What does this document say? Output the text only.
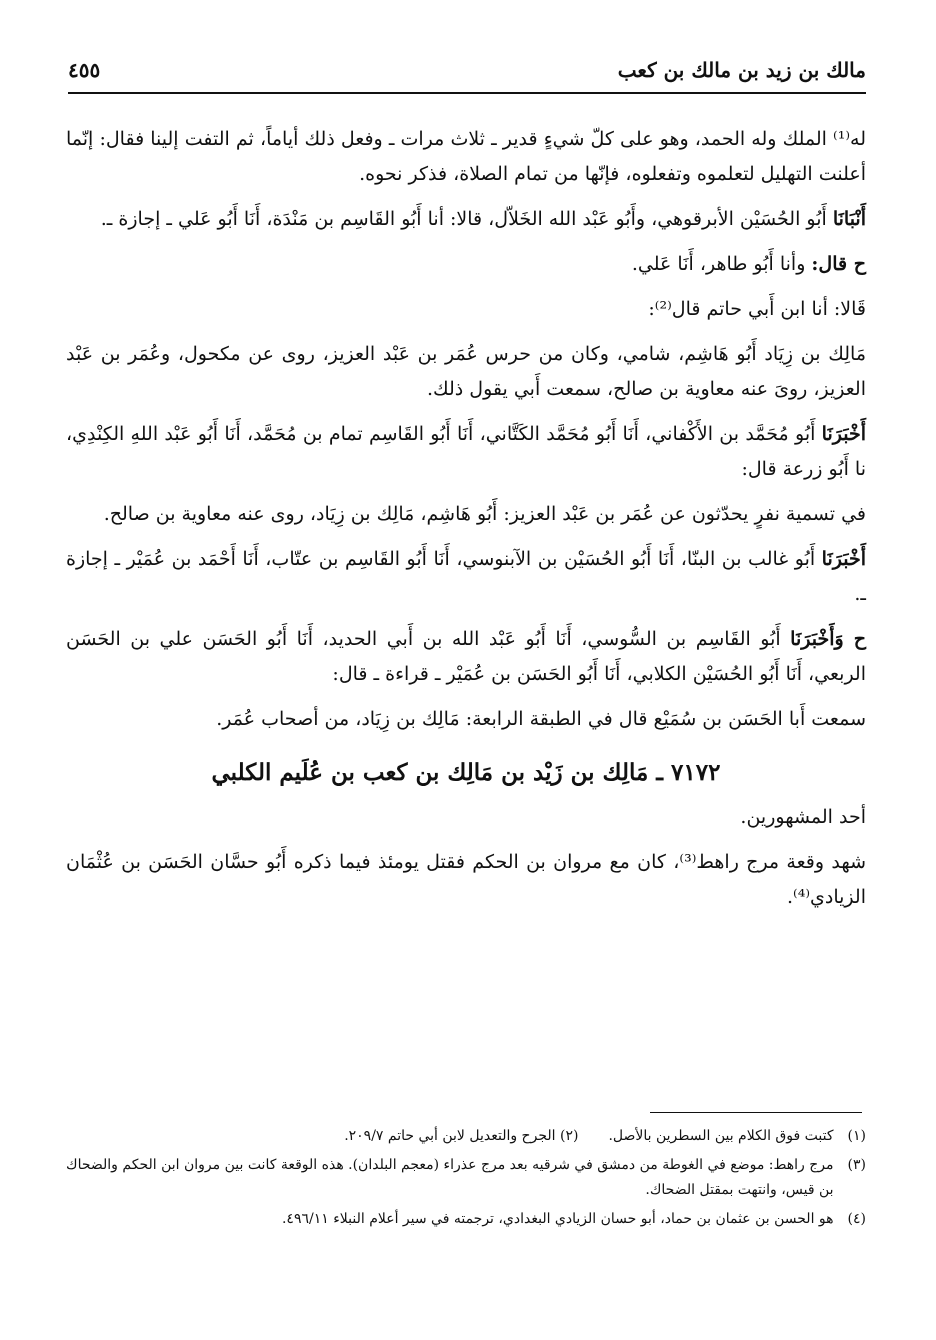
مالك بن زيد بن مالك بن كعب
٤٥٥

له⁽¹⁾ الملك وله الحمد، وهو على كلّ شيءٍ قدير ـ ثلاث مرات ـ وفعل ذلك أياماً، ثم التفت إلينا فقال: إنّما أعلنت التهليل لتعلموه وتفعلوه، فإنّها من تمام الصلاة، فذكر نحوه.

أَنْبَانَا أَبُو الحُسَيْن الأبرقوهي، وأَبُو عَبْد الله الخَلاّل، قالا: أنا أَبُو القَاسِم بن مَنْدَة، أَنَا أَبُو عَلي ـ إجازة ـ.

ح قال: وأنا أَبُو طاهر، أَنَا عَلي.

قَالا: أنا ابن أَبي حاتم قال⁽²⁾:

مَالِك بن زِيَاد أَبُو هَاشِم، شامي، وكان من حرس عُمَر بن عَبْد العزيز، روى عن مكحول، وعُمَر بن عَبْد العزيز، روىَ عنه معاوية بن صالح، سمعت أَبي يقول ذلك.

أَخْبَرَنَا أَبُو مُحَمَّد بن الأَكْفاني، أَنَا أَبُو مُحَمَّد الكَتَّاني، أَنَا أَبُو القَاسِم تمام بن مُحَمَّد، أَنَا أَبُو عَبْد اللهِ الكِنْدِي، نا أَبُو زرعة قال:

في تسمية نفرٍ يحدّثون عن عُمَر بن عَبْد العزيز: أَبُو هَاشِم، مَالِك بن زِيَاد، روى عنه معاوية بن صالح.

أَخْبَرَنَا أَبُو غالب بن البنّا، أَنَا أَبُو الحُسَيْن بن الآبنوسي، أَنَا أَبُو القَاسِم بن عتّاب، أَنَا أَحْمَد بن عُمَيْر ـ إجازة ـ.

ح وَأَخْبَرَنَا أَبُو القَاسِم بن السُّوسي، أَنَا أَبُو عَبْد الله بن أَبي الحديد، أَنَا أَبُو الحَسَن علي بن الحَسَن الربعي، أَنَا أَبُو الحُسَيْن الكلابي، أَنَا أَبُو الحَسَن بن عُمَيْر ـ قراءة ـ قال:

سمعت أَبا الحَسَن بن سُمَيْع قال في الطبقة الرابعة: مَالِك بن زِيَاد، من أصحاب عُمَر.

٧١٧٢ ـ مَالِك بن زَيْد بن مَالِك بن كعب بن عُلَيم الكلبي

أحد المشهورين.

شهد وقعة مرج راهط⁽³⁾، كان مع مروان بن الحكم فقتل يومئذ فيما ذكره أَبُو حسَّان الحَسَن بن عُثْمَان الزيادي⁽⁴⁾.

(١)
كتبت فوق الكلام بين السطرين بالأصل.(٢) الجرح والتعديل لابن أبي حاتم ٢٠٩/٧.
(٣)
مرج راهط: موضع في الغوطة من دمشق في شرقيه بعد مرج عذراء (معجم البلدان). هذه الوقعة كانت بين مروان ابن الحكم والضحاك بن قيس، وانتهت بمقتل الضحاك.
(٤)
هو الحسن بن عثمان بن حماد، أبو حسان الزيادي البغدادي، ترجمته في سير أعلام النبلاء ٤٩٦/١١.
